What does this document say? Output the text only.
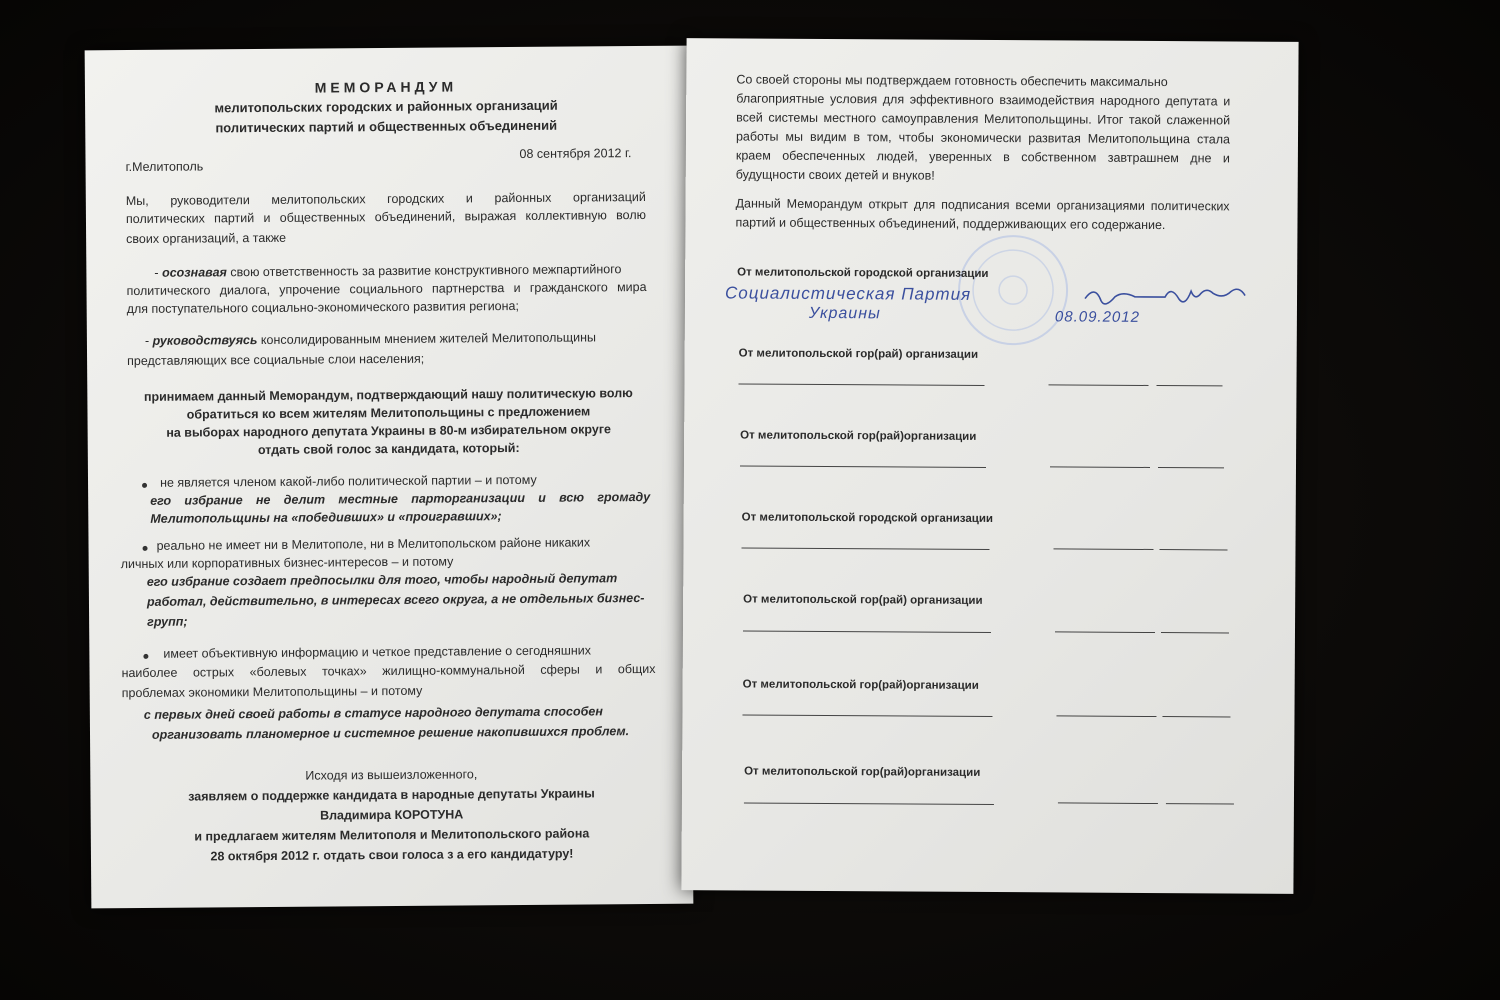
МЕМОРАНДУМ
мелитопольских городских и районных организаций
политических партий и общественных объединений
г.Мелитополь
08 сентября 2012 г.
Мы, руководители мелитопольских городских и районных организаций
политических партий и общественных объединений, выражая коллективную волю
своих организаций, а также
- осознавая свою ответственность за развитие конструктивного межпартийного
политического диалога, упрочение социального партнерства и гражданского мира
для поступательного социально-экономического развития региона;
- руководствуясь консолидированным мнением жителей Мелитопольщины
представляющих все социальные слои населения;
принимаем данный Меморандум, подтверждающий нашу политическую волю
обратиться ко всем жителям Мелитопольщины с предложением
на выборах народного депутата Украины в 80-м избирательном округе
отдать свой голос за кандидата, который:
не является членом какой-либо политической партии – и потому
его избрание не делит местные парторганизации и всю громаду
Мелитопольщины на «победивших» и «проигравших»;
реально не имеет ни в Мелитополе, ни в Мелитопольском районе никаких
личных или корпоративных бизнес-интересов – и потому
его избрание создает предпосылки для того, чтобы народный депутат
работал, действительно, в интересах всего округа, а не отдельных бизнес-
групп;
имеет объективную информацию и четкое представление о сегодняшних
наиболее острых «болевых точках» жилищно-коммунальной сферы и общих
проблемах экономики Мелитопольщины – и потому
с первых дней своей работы в статусе народного депутата способен
организовать планомерное и системное решение накопившихся проблем.
Исходя из вышеизложенного,
заявляем о поддержке кандидата в народные депутаты Украины
Владимира КОРОТУНА
и предлагаем жителям Мелитополя и Мелитопольского района
28 октября 2012 г. отдать свои голоса з а его кандидатуру!
Со своей стороны мы подтверждаем готовность обеспечить максимально
благоприятные условия для эффективного взаимодействия народного депутата и
всей системы местного самоуправления Мелитопольщины. Итог такой слаженной
работы мы видим в том, чтобы экономически развитая Мелитопольщина стала
краем обеспеченных людей, уверенных в собственном завтрашнем дне и
будущности своих детей и внуков!
Данный Меморандум открыт для подписания всеми организациями политических
партий и общественных объединений, поддерживающих его содержание.
От мелитопольской городской организации
Социалистическая Партия
Украины	08.09.2012
От мелитопольской гор(рай) организации
От мелитопольской гор(рай)организации
От мелитопольской городской организации
От мелитопольской гор(рай) организации
От мелитопольской гор(рай)организации
От мелитопольской гор(рай)организации
